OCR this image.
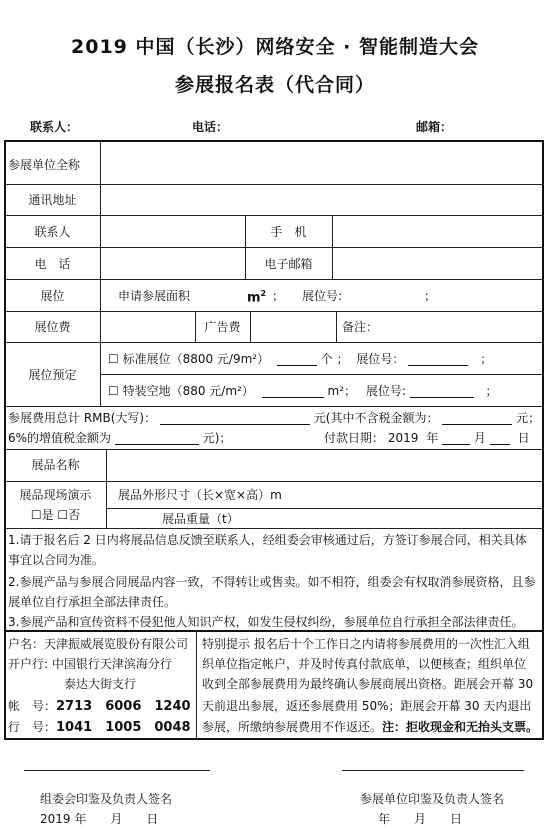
2019 中国（长沙）网络安全 · 智能制造大会
参展报名表（代合同）
联系人：	电话：	邮箱：
参展单位全称
通讯地址
联系人	手　机
电　话	电子邮箱
展位	申请参展面积	$m^2$ ； 展位号:	；
展位费	广告费	备注：
展位预定
☐ 标准展位（8800 元/9m²）	个 ； 展位号：	；
☐ 特装空地（880 元/m²）	m²； 展位号:	；
参展费用总计 RMB(大写)：	元(其中不含税金额为：	元；
6%的增值税金额为	元)；	付款日期： 2019 年	月	日
展品名称
展品现场演示
☐是 ☐否
展品外形尺寸（长×宽×高）m
展品重量（t）
1.请于报名后 2 日内将展品信息反馈至联系人，经组委会审核通过后，方签订参展合同，相关具体
事宜以合同为准。
2.参展产品与参展合同展品内容一致，不得转让或售卖。如不相符，组委会有权取消参展资格，且参
展单位自行承担全部法律责任。
3.参展产品和宣传资料不侵犯他人知识产权，如发生侵权纠纷，参展单位自行承担全部法律责任。
户名：天津振威展览股份有限公司
开户行: 中国银行天津滨海分行
泰达大街支行
帐　号：2713　6006　1240
行　号：1041　1005　0048
特别提示 报名后十个工作日之内请将参展费用的一次性汇入组
织单位指定帐户，并及时传真付款底单，以便核查；组织单位
收到全部参展费用为最终确认参展商展出资格。距展会开幕 30
天前退出参展，返还参展费用 50%；距展会开幕 30 天内退出
参展，所缴纳参展费用不作返还。注：拒收现金和无抬头支票。
组委会印鉴及负责人签名
2019 年　　月　　日
参展单位印鉴及负责人签名
年　　月　　日
